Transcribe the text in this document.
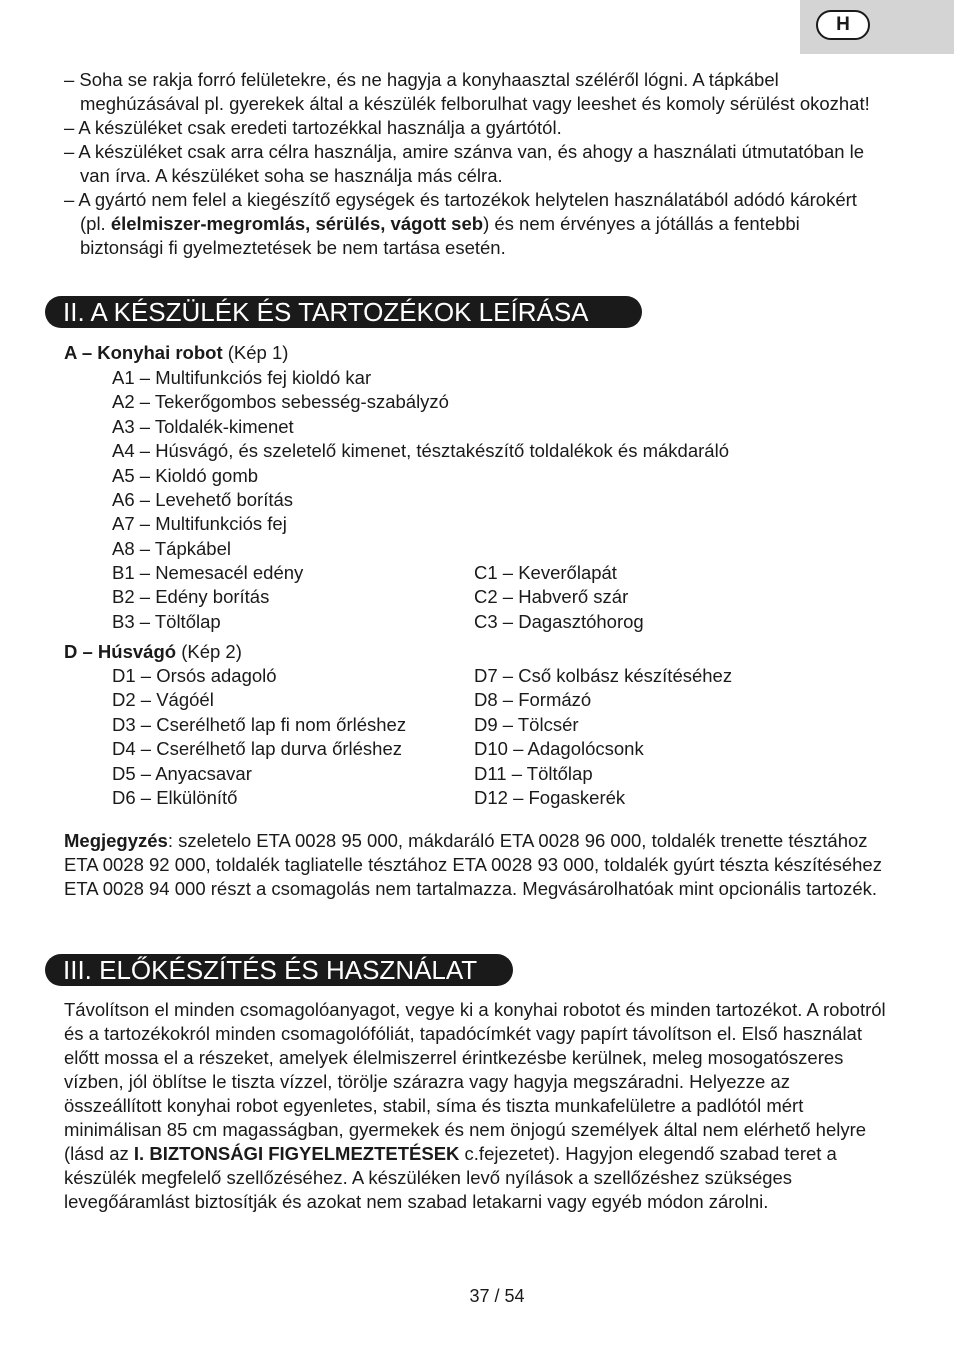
H
– Soha se rakja forró felületekre, és ne hagyja a konyhaasztal széléről lógni. A tápkábel meghúzásával pl. gyerekek által a készülék felborulhat vagy leeshet és komoly sérülést okozhat!
– A készüléket csak eredeti tartozékkal használja a gyártótól.
– A készüléket csak arra célra használja, amire szánva van, és ahogy a használati útmutatóban le van írva. A készüléket soha se használja más célra.
– A gyártó nem felel a kiegészítő egységek és tartozékok helytelen használatából adódó károkért (pl. élelmiszer-megromlás, sérülés, vágott seb) és nem érvényes a jótállás a fentebbi biztonsági fi gyelmeztetések be nem tartása esetén.
II. A KÉSZÜLÉK ÉS TARTOZÉKOK LEÍRÁSA
A – Konyhai robot (Kép 1)
A1 – Multifunkciós fej kioldó kar
A2 – Tekerőgombos sebesség-szabályzó
A3 – Toldalék-kimenet
A4 – Húsvágó, és szeletelő kimenet, tésztakészítő toldalékok és mákdaráló
A5 – Kioldó gomb
A6 – Levehető borítás
A7 – Multifunkciós fej
A8 – Tápkábel
B1 – Nemesacél edény
B2 – Edény borítás
B3 – Töltőlap
C1 – Keverőlapát
C2 – Habverő szár
C3 – Dagasztóhorog
D – Húsvágó (Kép 2)
D1 – Orsós adagoló
D2 – Vágóél
D3 – Cserélhető lap fi nom őrléshez
D4 – Cserélhető lap durva őrléshez
D5 – Anyacsavar
D6 – Elkülönítő
D7 – Cső kolbász készítéséhez
D8 – Formázó
D9 – Tölcsér
D10 – Adagolócsonk
D11 – Töltőlap
D12 – Fogaskerék

Megjegyzés: szeletelo ETA 0028 95 000, mákdaráló ETA 0028 96 000, toldalék trenette tésztához ETA 0028 92 000, toldalék tagliatelle tésztához ETA 0028 93 000, toldalék gyúrt tészta készítéséhez ETA 0028 94 000 részt a csomagolás nem tartalmazza. Megvásárolhatóak mint opcionális tartozék.

III. ELŐKÉSZÍTÉS ÉS HASZNÁLAT

Távolítson el minden csomagolóanyagot, vegye ki a konyhai robotot és minden tartozékot. A robotról és a tartozékokról minden csomagolófóliát, tapadócímkét vagy papírt távolítson el. Első használat előtt mossa el a részeket, amelyek élelmiszerrel érintkezésbe kerülnek, meleg mosogatószeres vízben, jól öblítse le tiszta vízzel, törölje szárazra vagy hagyja megszáradni. Helyezze az összeállított konyhai robot egyenletes, stabil, síma és tiszta munkafelületre a padlótól mért minimálisan 85 cm magasságban, gyermekek és nem önjogú személyek által nem elérhető helyre (lásd az I. BIZTONSÁGI FIGYELMEZTETÉSEK c.fejezetet). Hagyjon elegendő szabad teret a készülék megfelelő szellőzéséhez. A készüléken levő nyílások a szellőzéshez szükséges levegőáramlást biztosítják és azokat nem szabad letakarni vagy egyéb módon zárolni.

37 / 54
